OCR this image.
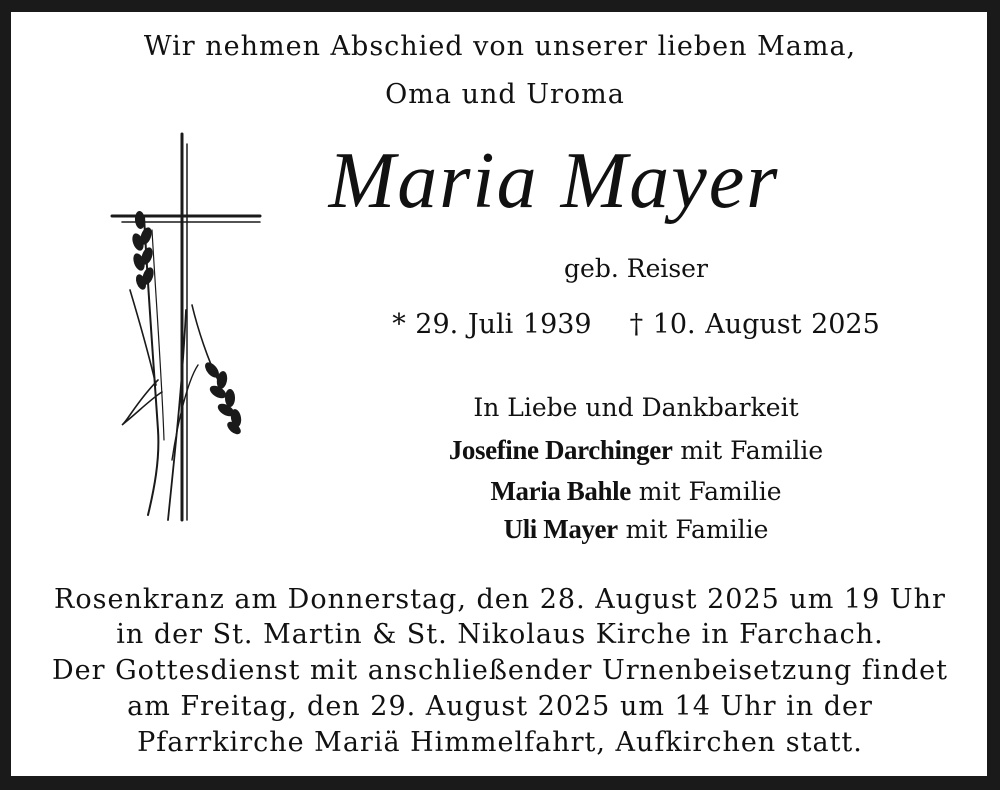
Wir nehmen Abschied von unserer lieben Mama,
Oma und Uroma
Maria Mayer
geb. Reiser
* 29. Juli 1939 † 10. August 2025
In Liebe und Dankbarkeit
Josefine Darchinger mit Familie
Maria Bahle mit Familie
Uli Mayer mit Familie
Rosenkranz am Donnerstag, den 28. August 2025 um 19 Uhr
in der St. Martin & St. Nikolaus Kirche in Farchach.
Der Gottesdienst mit anschließender Urnenbeisetzung findet
am Freitag, den 29. August 2025 um 14 Uhr in der
Pfarrkirche Mariä Himmelfahrt, Aufkirchen statt.
